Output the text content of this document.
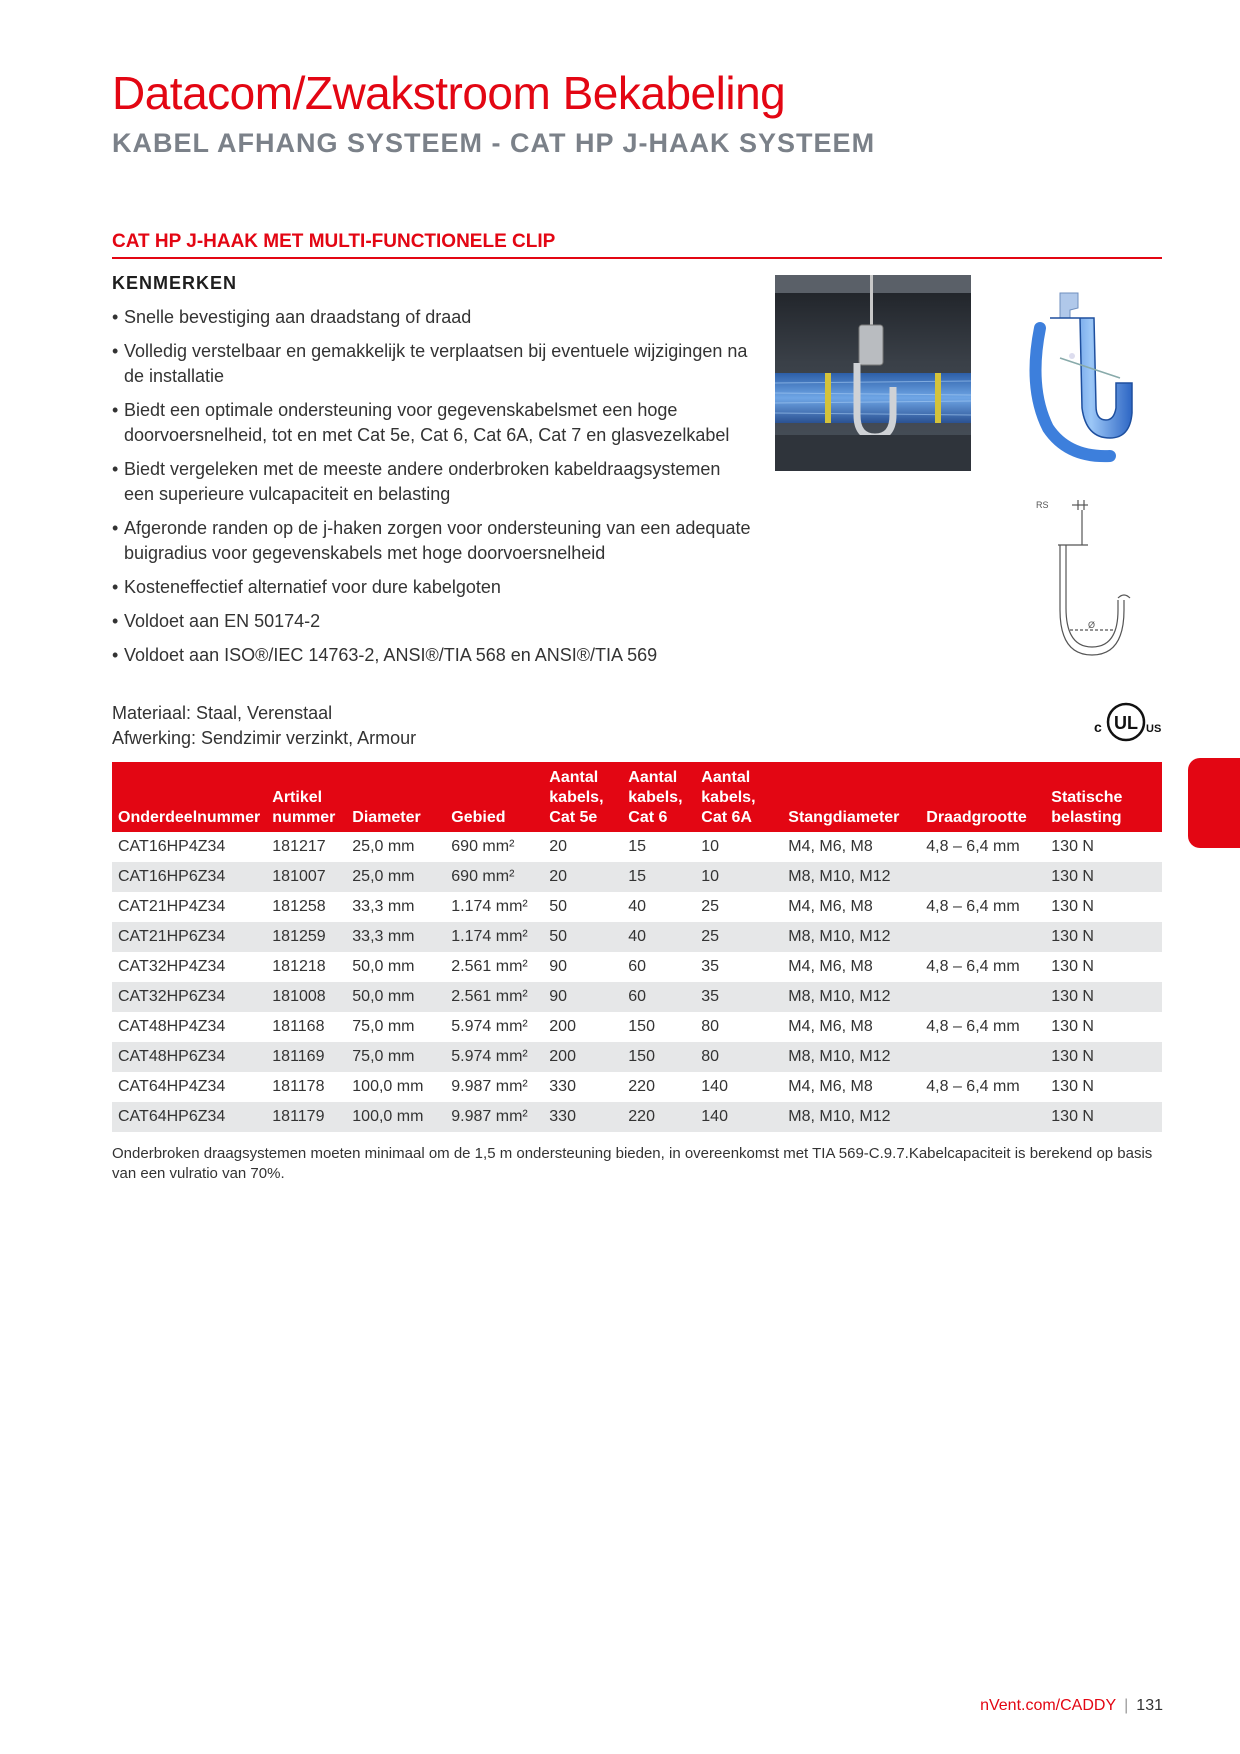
Datacom/Zwakstroom Bekabeling
KABEL AFHANG SYSTEEM - CAT HP J-HAAK SYSTEEM
CAT HP J-HAAK MET MULTI-FUNCTIONELE CLIP
KENMERKEN
• Snelle bevestiging aan draadstang of draad
• Volledig verstelbaar en gemakkelijk te verplaatsen bij eventuele wijzigingen na de installatie
• Biedt een optimale ondersteuning voor gegevenskabelsmet een hoge doorvoersnelheid, tot en met Cat 5e, Cat 6, Cat 6A, Cat 7 en glasvezelkabel
• Biedt vergeleken met de meeste andere onderbroken kabeldraagsystemen een superieure vulcapaciteit en belasting
• Afgeronde randen op de j-haken zorgen voor ondersteuning van een adequate buigradius voor gegevenskabels met hoge doorvoersnelheid
• Kosteneffectief alternatief voor dure kabelgoten
• Voldoet aan EN 50174-2
• Voldoet aan ISO®/IEC 14763-2, ANSI®/TIA 568 en ANSI®/TIA 569
Materiaal: Staal, Verenstaal
Afwerking: Sendzimir verzinkt, Armour
RS
Ø
UL
c	US
Onderdeelnummer	Artikel nummer	Diameter	Gebied	Aantal kabels, Cat 5e	Aantal kabels, Cat 6	Aantal kabels, Cat 6A	Stangdiameter	Draadgrootte	Statische belasting
CAT16HP4Z34	181217	25,0 mm	690 mm²	20	15	10	M4, M6, M8	4,8 – 6,4 mm	130 N
CAT16HP6Z34	181007	25,0 mm	690 mm²	20	15	10	M8, M10, M12		130 N
CAT21HP4Z34	181258	33,3 mm	1.174 mm²	50	40	25	M4, M6, M8	4,8 – 6,4 mm	130 N
CAT21HP6Z34	181259	33,3 mm	1.174 mm²	50	40	25	M8, M10, M12		130 N
CAT32HP4Z34	181218	50,0 mm	2.561 mm²	90	60	35	M4, M6, M8	4,8 – 6,4 mm	130 N
CAT32HP6Z34	181008	50,0 mm	2.561 mm²	90	60	35	M8, M10, M12		130 N
CAT48HP4Z34	181168	75,0 mm	5.974 mm²	200	150	80	M4, M6, M8	4,8 – 6,4 mm	130 N
CAT48HP6Z34	181169	75,0 mm	5.974 mm²	200	150	80	M8, M10, M12		130 N
CAT64HP4Z34	181178	100,0 mm	9.987 mm²	330	220	140	M4, M6, M8	4,8 – 6,4 mm	130 N
CAT64HP6Z34	181179	100,0 mm	9.987 mm²	330	220	140	M8, M10, M12		130 N
Onderbroken draagsystemen moeten minimaal om de 1,5 m ondersteuning bieden, in overeenkomst met TIA 569-C.9.7.Kabelcapaciteit is berekend op basis van een vulratio van 70%.
nVent.com/CADDY | 131
